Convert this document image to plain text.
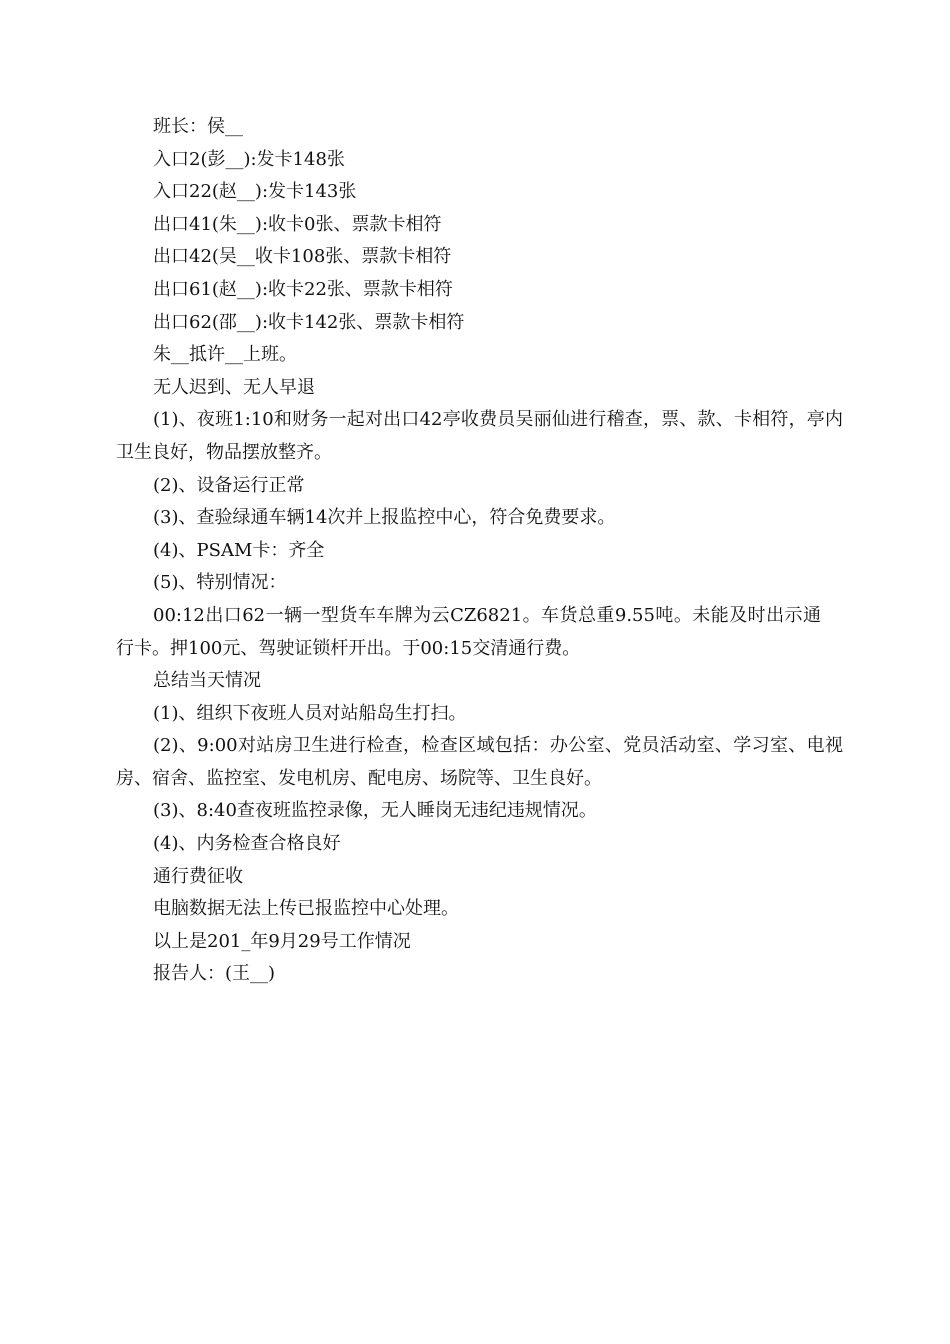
班长：侯__

入口2(彭__):发卡148张

入口22(赵__):发卡143张

出口41(朱__):收卡0张、票款卡相符

出口42(吴__收卡108张、票款卡相符

出口61(赵__):收卡22张、票款卡相符

出口62(邵__):收卡142张、票款卡相符

朱__抵许__上班。

无人迟到、无人早退

(1)、夜班1:10和财务一起对出口42亭收费员吴丽仙进行稽查，票、款、卡相符，亭内卫生良好，物品摆放整齐。

(2)、设备运行正常

(3)、查验绿通车辆14次并上报监控中心，符合免费要求。

(4)、PSAM卡：齐全

(5)、特别情况：

00:12出口62一辆一型货车车牌为云CZ6821。车货总重9.55吨。未能及时出示通行卡。押100元、驾驶证锁杆开出。于00:15交清通行费。

总结当天情况

(1)、组织下夜班人员对站船岛生打扫。

(2)、9:00对站房卫生进行检查，检查区域包括：办公室、党员活动室、学习室、电视房、宿舍、监控室、发电机房、配电房、场院等、卫生良好。

(3)、8:40查夜班监控录像，无人睡岗无违纪违规情况。

(4)、内务检查合格良好

通行费征收

电脑数据无法上传已报监控中心处理。

以上是201_年9月29号工作情况

报告人：(王__)
